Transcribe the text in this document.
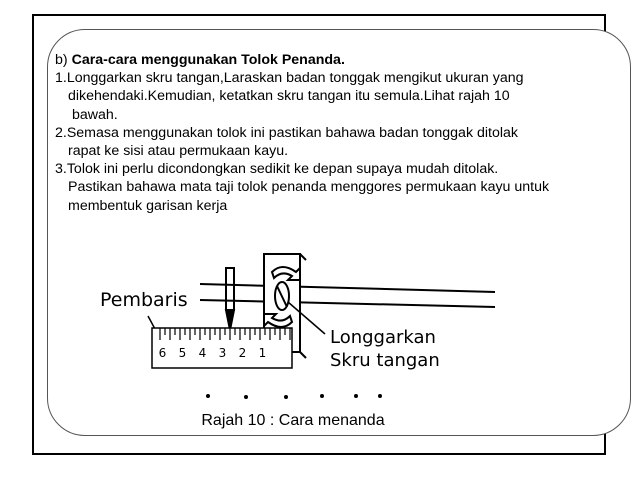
b) Cara-cara menggunakan Tolok Penanda.
1.Longgarkan skru tangan,Laraskan badan tonggak mengikut ukuran yang
dikehendaki.Kemudian, ketatkan skru tangan itu semula.Lihat rajah 10
bawah.
2.Semasa menggunakan tolok ini pastikan bahawa badan tonggak ditolak
rapat ke sisi atau permukaan kayu.
3.Tolok ini perlu dicondongkan sedikit ke depan supaya mudah ditolak.
Pastikan bahawa mata taji tolok penanda menggores permukaan kayu untuk
membentuk garisan kerja
6 5 4 3 2 1
Pembaris
Longgarkan
Skru tangan
Rajah 10 : Cara menanda
